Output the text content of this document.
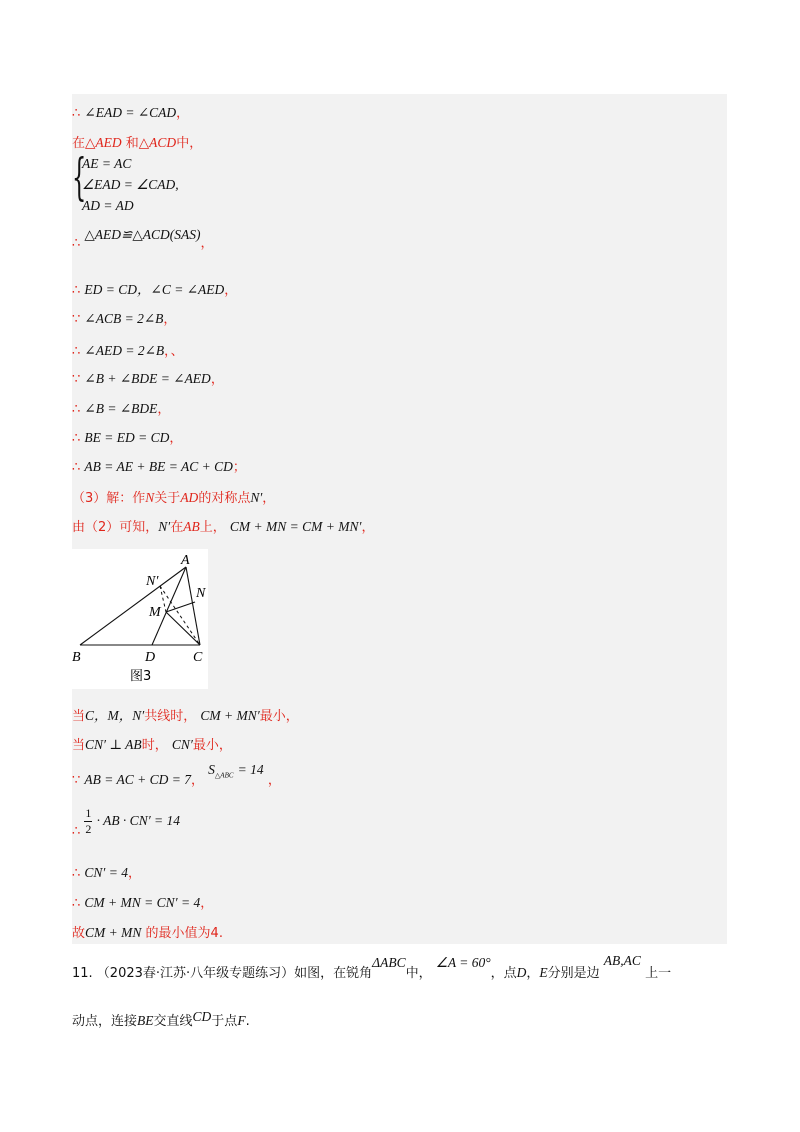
∴ ∠EAD = ∠CAD，
在△AED 和△ACD中，
{
AE = AC
∠EAD = ∠CAD,
AD = AD
∴ △AED≌△ACD(SAS)，
∴ ED = CD，∠C = ∠AED，
∵ ∠ACB = 2∠B，
∴ ∠AED = 2∠B，、
∵ ∠B + ∠BDE = ∠AED，
∴ ∠B = ∠BDE，
∴ BE = ED = CD，
∴ AB = AE + BE = AC + CD；
（3）解：作N关于AD的对称点N′，
由（2）可知，N′在AB上， CM + MN = CM + MN′，
A
B	C
D
M
N
N′
图3
当C，M，N′共线时， CM + MN′最小，
当CN′ ⊥ AB时， CN′最小，
∵ AB = AC + CD = 7， $S_{\triangle ABC} = 14$ ，
∴ $\frac{1}{2}$ · AB · CN′ = 14
∴ CN′ = 4，
∴ CM + MN = CN′ = 4，
故CM + MN 的最小值为4.
11. （2023春·江苏·八年级专题练习）如图，在锐角ΔABC中， ∠A = 60°，点D，E分别是边 AB,AC 上一
动点，连接BE交直线CD于点F.
